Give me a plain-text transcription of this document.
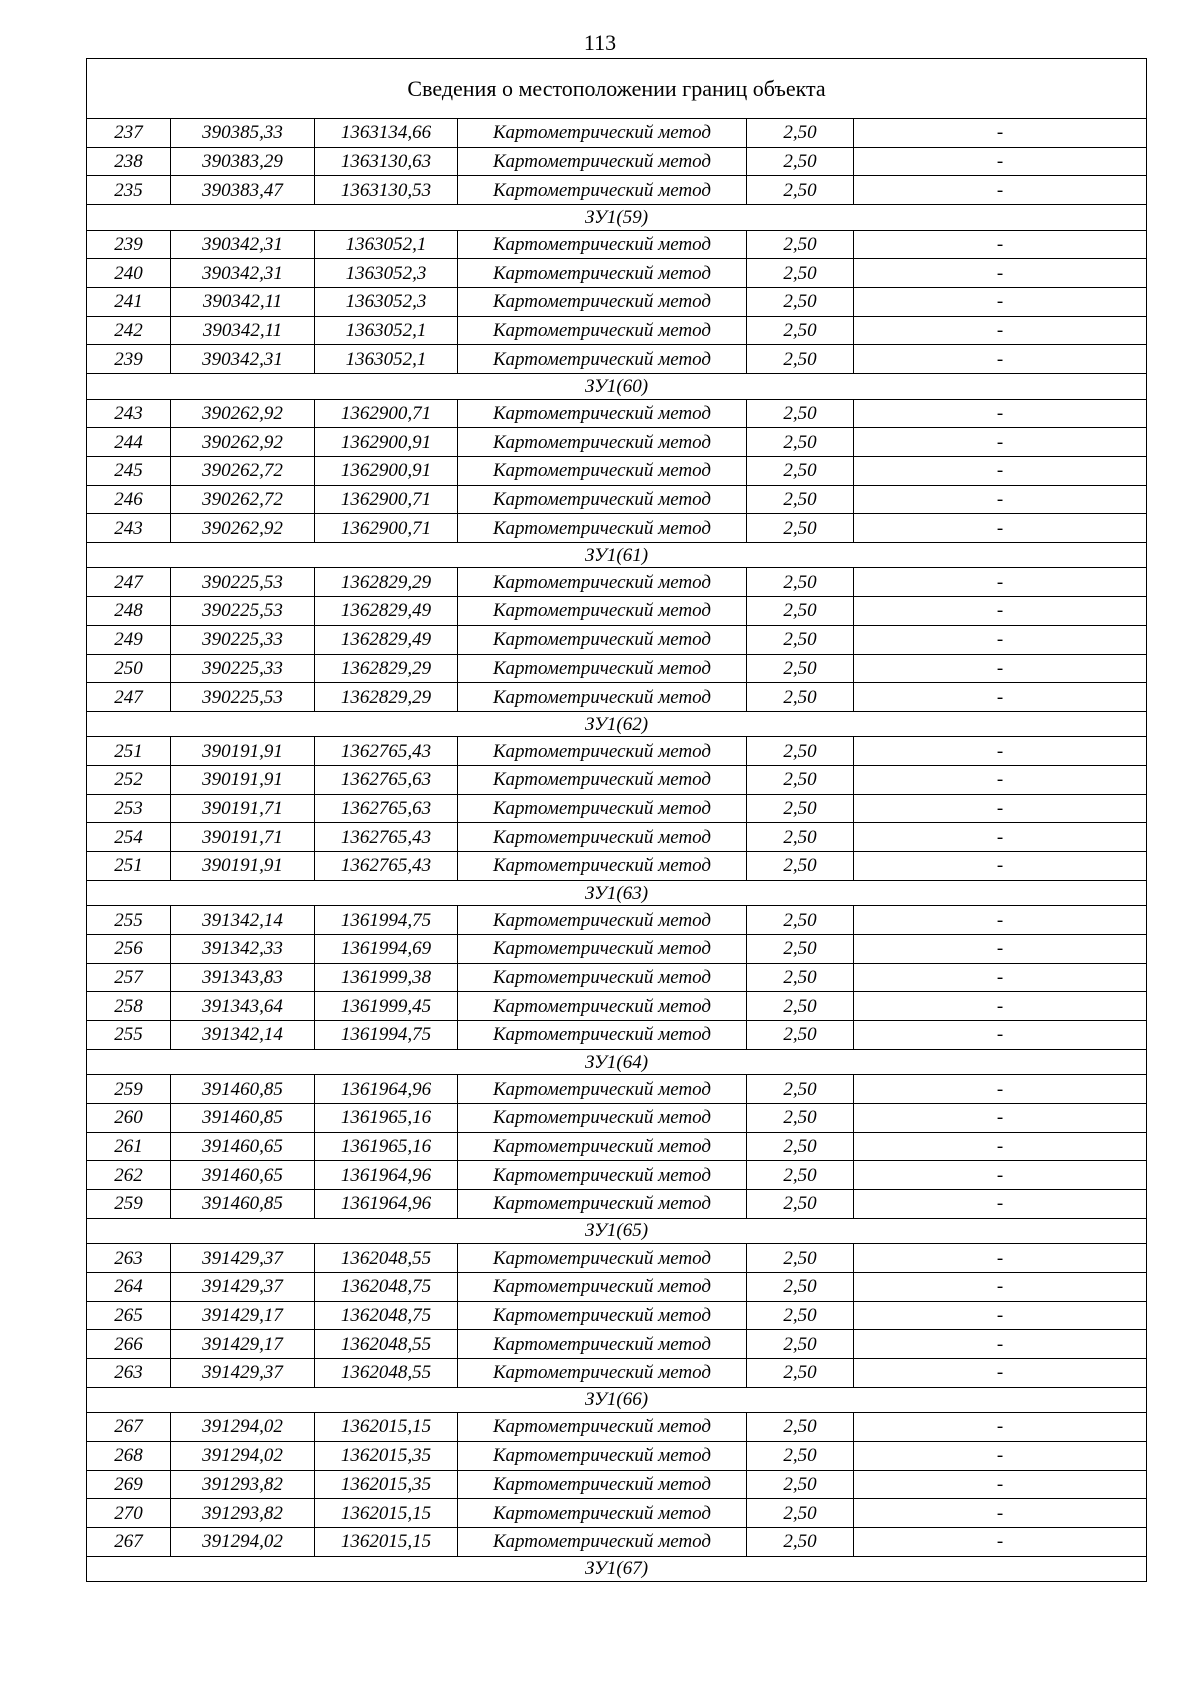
113
Сведения о местоположении границ объекта					
237	390385,33	1363134,66	Картометрический метод	2,50	-
238	390383,29	1363130,63	Картометрический метод	2,50	-
235	390383,47	1363130,53	Картометрический метод	2,50	-
ЗУ1(59)					
239	390342,31	1363052,1	Картометрический метод	2,50	-
240	390342,31	1363052,3	Картометрический метод	2,50	-
241	390342,11	1363052,3	Картометрический метод	2,50	-
242	390342,11	1363052,1	Картометрический метод	2,50	-
239	390342,31	1363052,1	Картометрический метод	2,50	-
ЗУ1(60)					
243	390262,92	1362900,71	Картометрический метод	2,50	-
244	390262,92	1362900,91	Картометрический метод	2,50	-
245	390262,72	1362900,91	Картометрический метод	2,50	-
246	390262,72	1362900,71	Картометрический метод	2,50	-
243	390262,92	1362900,71	Картометрический метод	2,50	-
ЗУ1(61)					
247	390225,53	1362829,29	Картометрический метод	2,50	-
248	390225,53	1362829,49	Картометрический метод	2,50	-
249	390225,33	1362829,49	Картометрический метод	2,50	-
250	390225,33	1362829,29	Картометрический метод	2,50	-
247	390225,53	1362829,29	Картометрический метод	2,50	-
ЗУ1(62)					
251	390191,91	1362765,43	Картометрический метод	2,50	-
252	390191,91	1362765,63	Картометрический метод	2,50	-
253	390191,71	1362765,63	Картометрический метод	2,50	-
254	390191,71	1362765,43	Картометрический метод	2,50	-
251	390191,91	1362765,43	Картометрический метод	2,50	-
ЗУ1(63)					
255	391342,14	1361994,75	Картометрический метод	2,50	-
256	391342,33	1361994,69	Картометрический метод	2,50	-
257	391343,83	1361999,38	Картометрический метод	2,50	-
258	391343,64	1361999,45	Картометрический метод	2,50	-
255	391342,14	1361994,75	Картометрический метод	2,50	-
ЗУ1(64)					
259	391460,85	1361964,96	Картометрический метод	2,50	-
260	391460,85	1361965,16	Картометрический метод	2,50	-
261	391460,65	1361965,16	Картометрический метод	2,50	-
262	391460,65	1361964,96	Картометрический метод	2,50	-
259	391460,85	1361964,96	Картометрический метод	2,50	-
ЗУ1(65)					
263	391429,37	1362048,55	Картометрический метод	2,50	-
264	391429,37	1362048,75	Картометрический метод	2,50	-
265	391429,17	1362048,75	Картометрический метод	2,50	-
266	391429,17	1362048,55	Картометрический метод	2,50	-
263	391429,37	1362048,55	Картометрический метод	2,50	-
ЗУ1(66)					
267	391294,02	1362015,15	Картометрический метод	2,50	-
268	391294,02	1362015,35	Картометрический метод	2,50	-
269	391293,82	1362015,35	Картометрический метод	2,50	-
270	391293,82	1362015,15	Картометрический метод	2,50	-
267	391294,02	1362015,15	Картометрический метод	2,50	-
ЗУ1(67)					
